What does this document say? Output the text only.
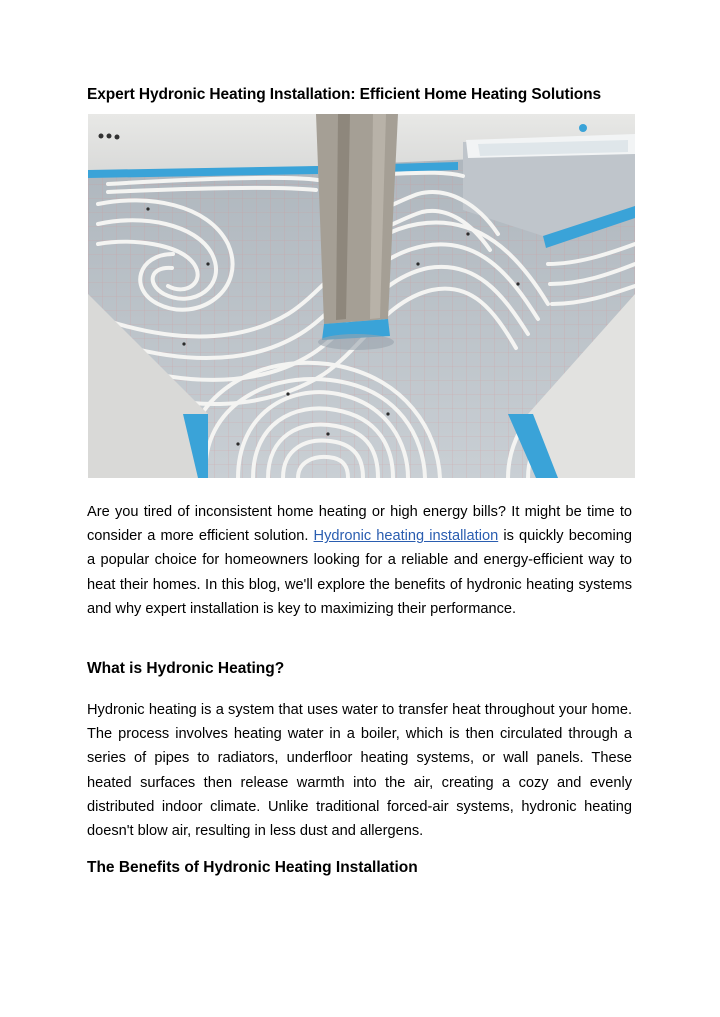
Expert Hydronic Heating Installation: Efficient Home Heating Solutions

Are you tired of inconsistent home heating or high energy bills? It might be time to consider a more efficient solution. Hydronic heating installation is quickly becoming a popular choice for homeowners looking for a reliable and energy-efficient way to heat their homes. In this blog, we'll explore the benefits of hydronic heating systems and why expert installation is key to maximizing their performance.

What is Hydronic Heating?

Hydronic heating is a system that uses water to transfer heat throughout your home. The process involves heating water in a boiler, which is then circulated through a series of pipes to radiators, underfloor heating systems, or wall panels. These heated surfaces then release warmth into the air, creating a cozy and evenly distributed indoor climate. Unlike traditional forced-air systems, hydronic heating doesn't blow air, resulting in less dust and allergens.

The Benefits of Hydronic Heating Installation
